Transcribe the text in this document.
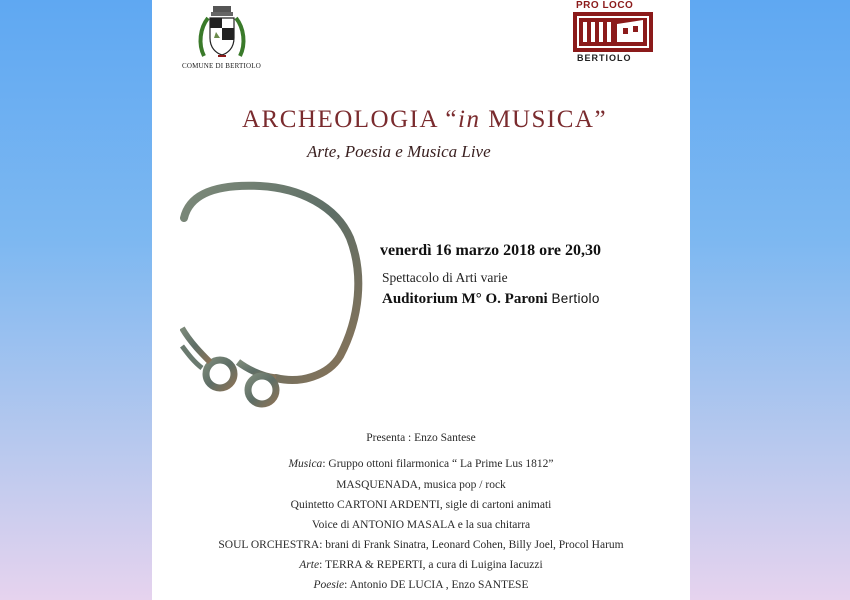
COMUNE DI BERTIOLO
PRO LOCO
BERTIOLO
ARCHEOLOGIA “in MUSICA”
Arte, Poesia e Musica Live
venerdì 16 marzo 2018 ore 20,30
Spettacolo di Arti varie
Auditorium M° O. Paroni Bertiolo
Presenta : Enzo Santese
Musica: Gruppo ottoni filarmonica “ La Prime Lus 1812”
MASQUENADA, musica pop / rock
Quintetto CARTONI ARDENTI, sigle di cartoni animati
Voice di ANTONIO MASALA e la sua chitarra
SOUL ORCHESTRA: brani di Frank Sinatra, Leonard Cohen, Billy Joel, Procol Harum
Arte: TERRA & REPERTI, a cura di Luigina Iacuzzi
Poesie: Antonio DE LUCIA , Enzo SANTESE
